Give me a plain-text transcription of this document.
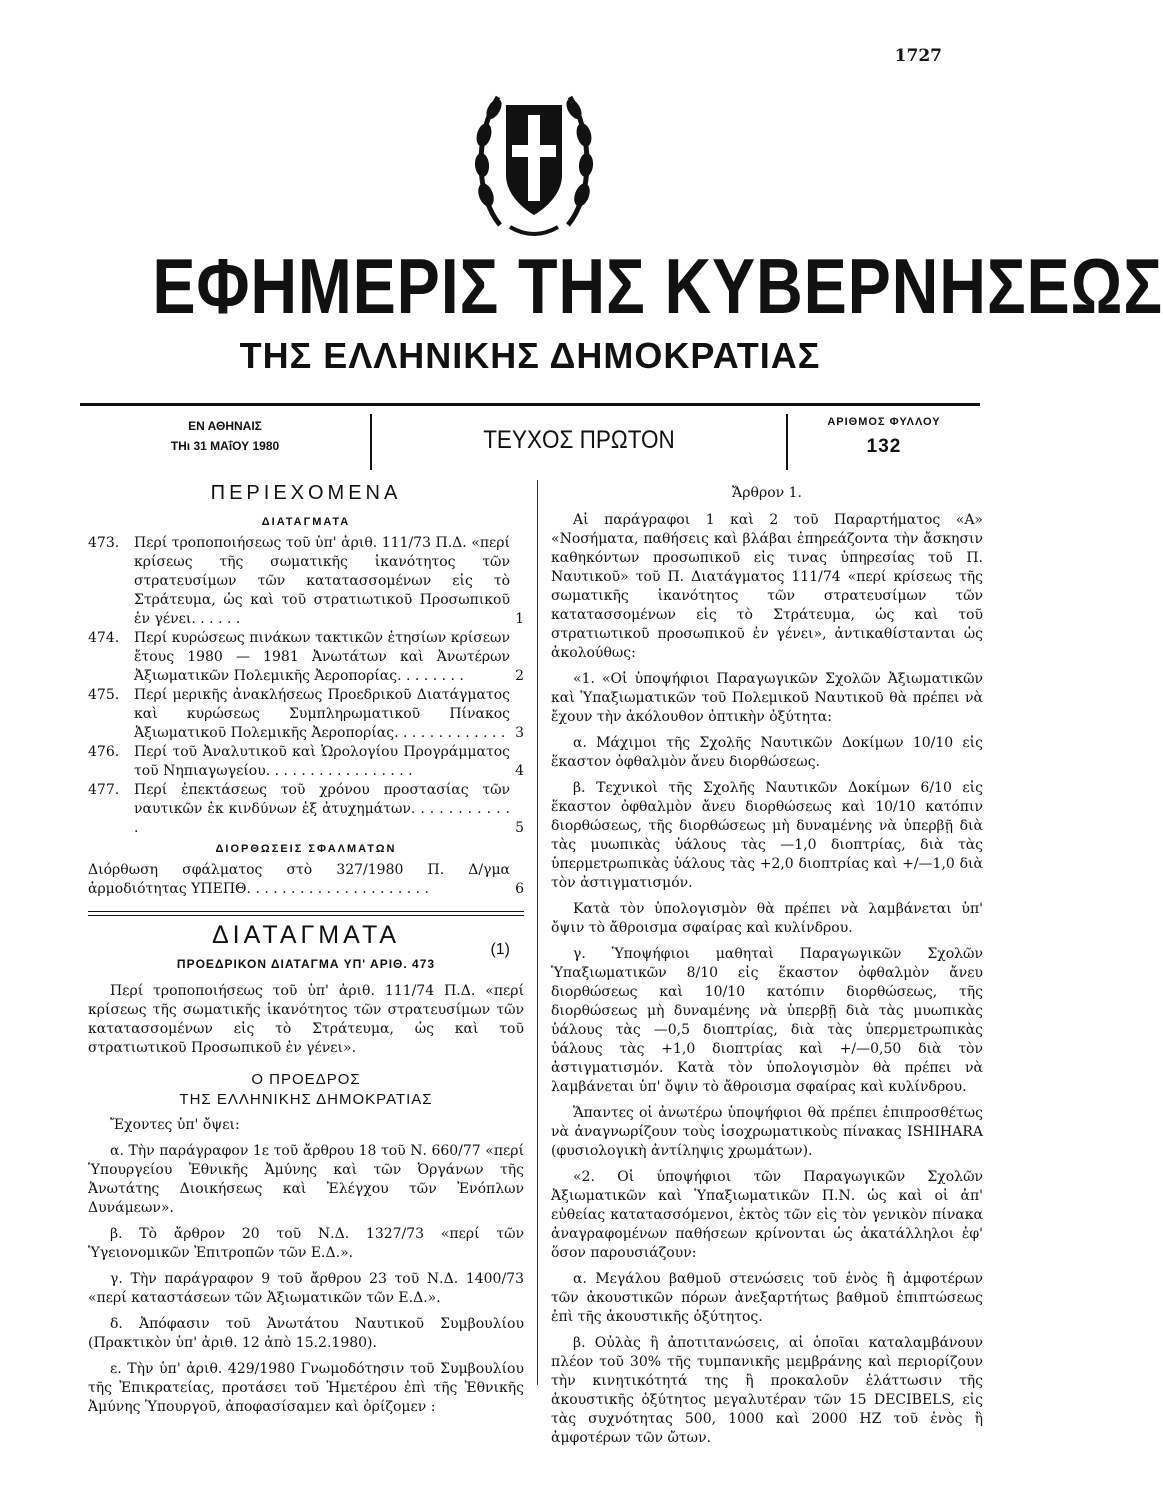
1727
ΕΦΗΜΕΡΙΣ ΤΗΣ ΚΥΒΕΡΝΗΣΕΩΣ
ΤΗΣ ΕΛΛΗΝΙΚΗΣ ΔΗΜΟΚΡΑΤΙΑΣ
ΕΝ ΑΘΗΝΑΙΣ
ΤΗι 31 ΜΑΐΟΥ 1980	ΤΕΥΧΟΣ ΠΡΩΤΟΝ
ΑΡΙΘΜΟΣ ΦΥΛΛΟΥ
132
ΠΕΡΙΕΧΟΜΕΝΑ
ΔΙΑΤΑΓΜΑΤΑ
473.	Περί τροποποιήσεως τοῦ ὑπ' ἀριθ. 111/73 Π.Δ. «περί κρίσεως τῆς σωματικῆς ἱκανότητος τῶν στρατευσίμων τῶν κατατασσομένων εἰς τὸ Στράτευμα, ὡς καὶ τοῦ στρατιωτικοῦ Προσωπικοῦ ἐν γένει. . . . . .	1
474.	Περί κυρώσεως πινάκων τακτικῶν ἐτησίων κρίσεων ἔτους 1980 — 1981 Ἀνωτάτων καὶ Ἀνωτέρων Ἀξιωματικῶν Πολεμικῆς Ἀεροπορίας. . . . . . . .	2
475.	Περί μερικῆς ἀνακλήσεως Προεδρικοῦ Διατάγματος καὶ κυρώσεως Συμπληρωματικοῦ Πίνακος Ἀξιωματικοῦ Πολεμικῆς Ἀεροπορίας. . . . . . . . . . . . . 3
476.	Περί τοῦ Ἀναλυτικοῦ καὶ Ὡρολογίου Προγράμματος τοῦ Νηπιαγωγείου. . . . . . . . . . . . . . . . .	4
477.	Περί ἐπεκτάσεως τοῦ χρόνου προστασίας τῶν ναυτικῶν ἐκ κινδύνων ἐξ ἀτυχημάτων. . . . . . . . . . . .	5
ΔΙΟΡΘΩΣΕΙΣ ΣΦΑΛΜΑΤΩΝ
Διόρθωση σφάλματος στὸ 327/1980 Π. Δ/γμα ἁρμοδιότητας ΥΠΕΠΘ. . . . . . . . . . . . . . . . . . . . .	6
ΔΙΑΤΑΓΜΑΤΑ
(1)
ΠΡΟΕΔΡΙΚΟΝ ΔΙΑΤΑΓΜΑ ΥΠ' ΑΡΙΘ. 473

Περί τροποποιήσεως τοῦ ὑπ' ἀριθ. 111/74 Π.Δ. «περί κρίσεως τῆς σωματικῆς ἱκανότητος τῶν στρατευσίμων τῶν κατατασσομένων εἰς τὸ Στράτευμα, ὡς καὶ τοῦ στρατιωτικοῦ Προσωπικοῦ ἐν γένει».

Ο ΠΡΟΕΔΡΟΣ
ΤΗΣ ΕΛΛΗΝΙΚΗΣ ΔΗΜΟΚΡΑΤΙΑΣ

Ἔχοντες ὑπ' ὄψει:

α. Τὴν παράγραφον 1ε τοῦ ἄρθρου 18 τοῦ Ν. 660/77 «περί Ὑπουργείου Ἐθνικῆς Ἀμύνης καὶ τῶν Ὀργάνων τῆς Ἀνωτάτης Διοικήσεως καὶ Ἐλέγχου τῶν Ἐνόπλων Δυνάμεων».

β. Τὸ ἄρθρον 20 τοῦ Ν.Δ. 1327/73 «περί τῶν Ὑγειονομικῶν Ἐπιτροπῶν τῶν Ε.Δ.».

γ. Τὴν παράγραφον 9 τοῦ ἄρθρου 23 τοῦ Ν.Δ. 1400/73 «περί καταστάσεων τῶν Ἀξιωματικῶν τῶν Ε.Δ.».

δ. Ἀπόφασιν τοῦ Ἀνωτάτου Ναυτικοῦ Συμβουλίου (Πρακτικὸν ὑπ' ἀριθ. 12 ἀπὸ 15.2.1980).

ε. Τὴν ὑπ' ἀριθ. 429/1980 Γνωμοδότησιν τοῦ Συμβουλίου τῆς Ἐπικρατείας, προτάσει τοῦ Ἡμετέρου ἐπὶ τῆς Ἐθνικῆς Ἀμύνης Ὑπουργοῦ, ἀποφασίσαμεν καὶ ὁρίζομεν :

Ἄρθρον 1.

Αἱ παράγραφοι 1 καὶ 2 τοῦ Παραρτήματος «Α» «Νοσήματα, παθήσεις καὶ βλάβαι ἐπηρεάζοντα τὴν ἄσκησιν καθηκόντων προσωπικοῦ εἰς τινας ὑπηρεσίας τοῦ Π. Ναυτικοῦ» τοῦ Π. Διατάγματος 111/74 «περί κρίσεως τῆς σωματικῆς ἱκανότητος τῶν στρατευσίμων τῶν κατατασσομένων εἰς τὸ Στράτευμα, ὡς καὶ τοῦ στρατιωτικοῦ προσωπικοῦ ἐν γένει», ἀντικαθίστανται ὡς ἀκολούθως:

«1. «Οἱ ὑποψήφιοι Παραγωγικῶν Σχολῶν Ἀξιωματικῶν καὶ Ὑπαξιωματικῶν τοῦ Πολεμικοῦ Ναυτικοῦ θὰ πρέπει νὰ ἔχουν τὴν ἀκόλουθον ὀπτικὴν ὀξύτητα:

α. Μάχιμοι τῆς Σχολῆς Ναυτικῶν Δοκίμων 10/10 εἰς ἕκαστον ὀφθαλμὸν ἄνευ διορθώσεως.

β. Τεχνικοὶ τῆς Σχολῆς Ναυτικῶν Δοκίμων 6/10 εἰς ἕκαστον ὀφθαλμὸν ἄνευ διορθώσεως καὶ 10/10 κατόπιν διορθώσεως, τῆς διορθώσεως μὴ δυναμένης νὰ ὑπερβῇ διὰ τὰς μυωπικὰς ὑάλους τὰς —1,0 διοπτρίας, διὰ τὰς ὑπερμετρωπικὰς ὑάλους τὰς +2,0 διοπτρίας καὶ +/—1,0 διὰ τὸν ἀστιγματισμόν.

Κατὰ τὸν ὑπολογισμὸν θὰ πρέπει νὰ λαμβάνεται ὑπ' ὄψιν τὸ ἄθροισμα σφαίρας καὶ κυλίνδρου.

γ. Ὑποψήφιοι μαθηταὶ Παραγωγικῶν Σχολῶν Ὑπαξιωματικῶν 8/10 εἰς ἕκαστον ὀφθαλμὸν ἄνευ διορθώσεως καὶ 10/10 κατόπιν διορθώσεως, τῆς διορθώσεως μὴ δυναμένης νὰ ὑπερβῇ διὰ τὰς μυωπικὰς ὑάλους τὰς —0,5 διοπτρίας, διὰ τὰς ὑπερμετρωπικὰς ὑάλους τὰς +1,0 διοπτρίας καὶ +/—0,50 διὰ τὸν ἀστιγματισμόν. Κατὰ τὸν ὑπολογισμὸν θὰ πρέπει νὰ λαμβάνεται ὑπ' ὄψιν τὸ ἄθροισμα σφαίρας καὶ κυλίνδρου.

Ἅπαντες οἱ ἀνωτέρω ὑποψήφιοι θὰ πρέπει ἐπιπροσθέτως νὰ ἀναγνωρίζουν τοὺς ἰσοχρωματικοὺς πίνακας ISHIHARA (φυσιολογικὴ ἀντίληψις χρωμάτων).

«2. Οἱ ὑποψήφιοι τῶν Παραγωγικῶν Σχολῶν Ἀξιωματικῶν καὶ Ὑπαξιωματικῶν Π.Ν. ὡς καὶ οἱ ἀπ' εὐθείας κατατασσόμενοι, ἐκτὸς τῶν εἰς τὸν γενικὸν πίνακα ἀναγραφομένων παθήσεων κρίνονται ὡς ἀκατάλληλοι ἐφ' ὅσον παρουσιάζουν:

α. Μεγάλου βαθμοῦ στενώσεις τοῦ ἑνὸς ἢ ἀμφοτέρων τῶν ἀκουστικῶν πόρων ἀνεξαρτήτως βαθμοῦ ἐπιπτώσεως ἐπὶ τῆς ἀκουστικῆς ὀξύτητος.

β. Οὐλὰς ἢ ἀποτιτανώσεις, αἱ ὁποῖαι καταλαμβάνουν πλέον τοῦ 30% τῆς τυμπανικῆς μεμβράνης καὶ περιορίζουν τὴν κινητικότητά της ἢ προκαλοῦν ἐλάττωσιν τῆς ἀκουστικῆς ὀξύτητος μεγαλυτέραν τῶν 15 DECIBELS, εἰς τὰς συχνότητας 500, 1000 καὶ 2000 HZ τοῦ ἑνὸς ἢ ἀμφοτέρων τῶν ὤτων.
